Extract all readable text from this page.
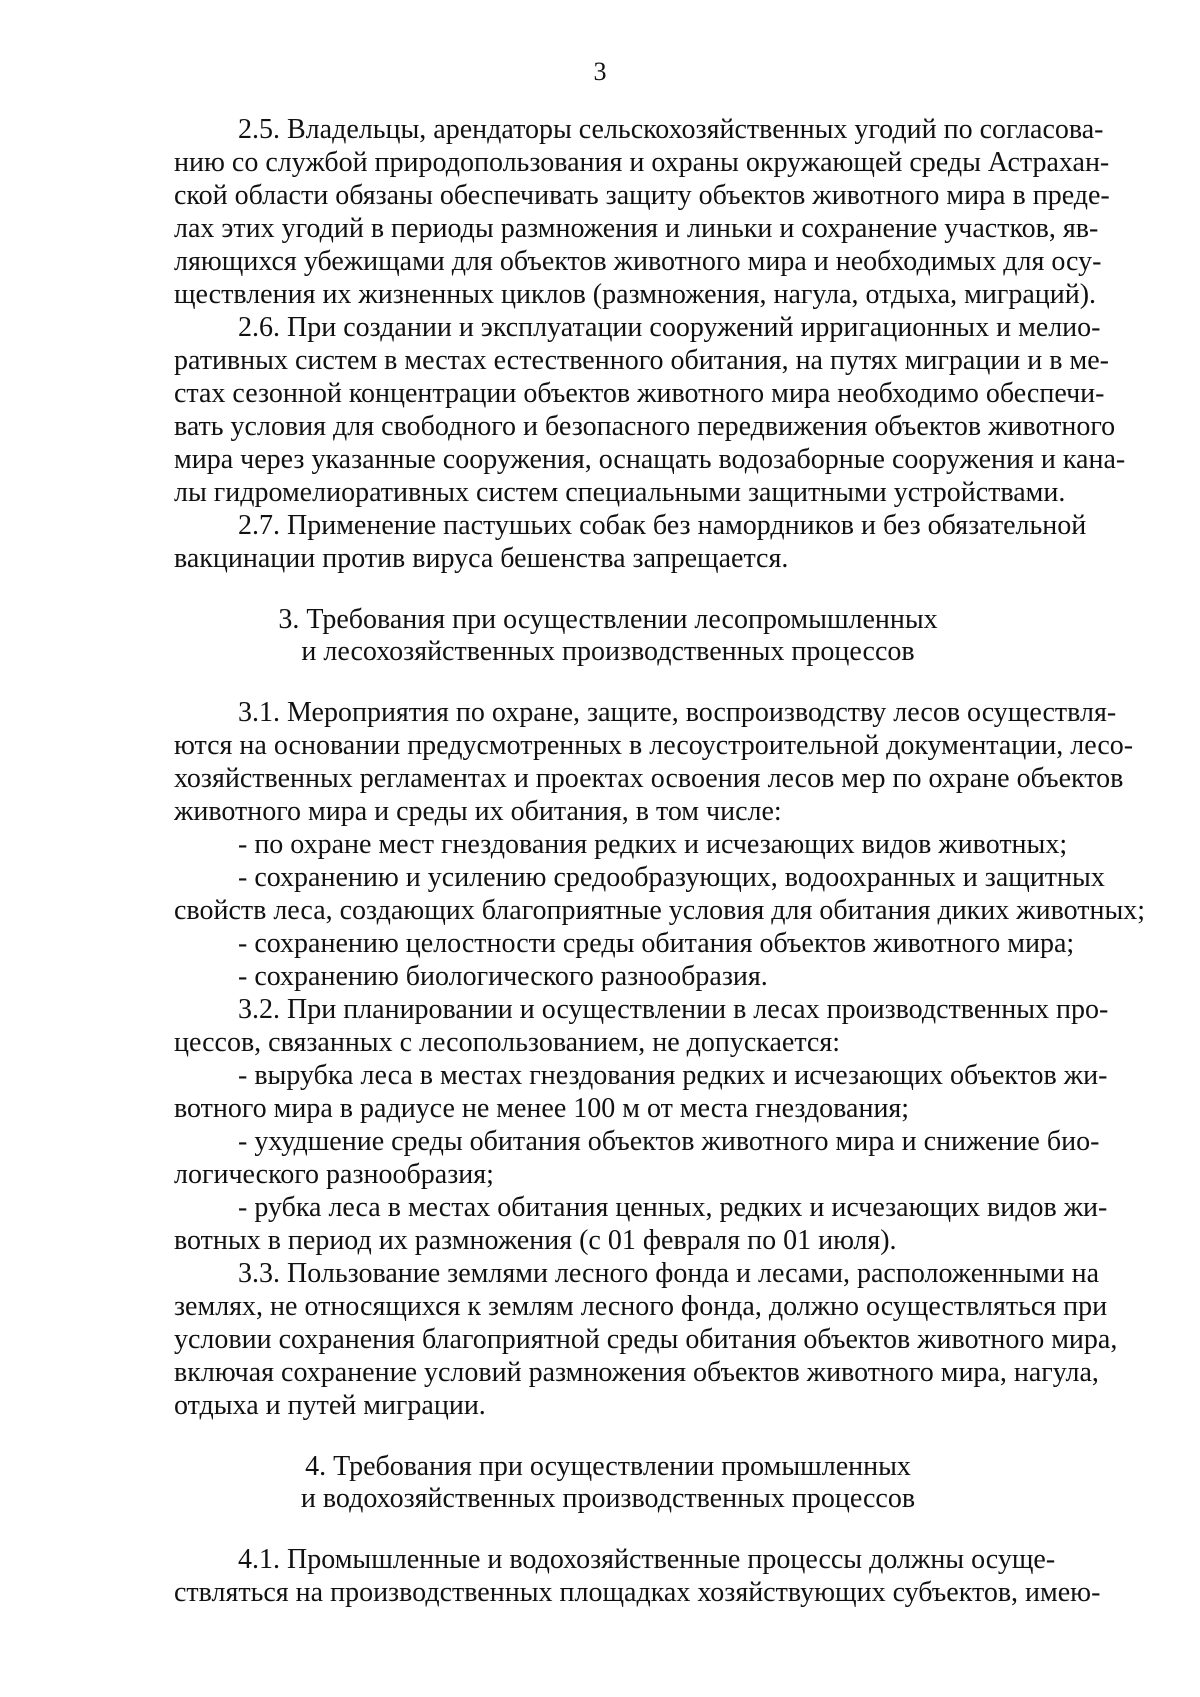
3
2.5. Владельцы, арендаторы сельскохозяйственных угодий по согласова-
нию со службой природопользования и охраны окружающей среды Астрахан-
ской области обязаны обеспечивать защиту объектов животного мира в преде-
лах этих угодий в периоды размножения и линьки и сохранение участков, яв-
ляющихся убежищами для объектов животного мира и необходимых для осу-
ществления их жизненных циклов (размножения, нагула, отдыха, миграций).
2.6. При создании и эксплуатации сооружений ирригационных и мелио-
ративных систем в местах естественного обитания, на путях миграции и в ме-
стах сезонной концентрации объектов животного мира необходимо обеспечи-
вать условия для свободного и безопасного передвижения объектов животного
мира через указанные сооружения, оснащать водозаборные сооружения и кана-
лы гидромелиоративных систем специальными защитными устройствами.
2.7. Применение пастушьих собак без намордников и без обязательной
вакцинации против вируса бешенства запрещается.
3. Требования при осуществлении лесопромышленных
и лесохозяйственных производственных процессов
3.1. Мероприятия по охране, защите, воспроизводству лесов осуществля-
ются на основании предусмотренных в лесоустроительной документации, лесо-
хозяйственных регламентах и проектах освоения лесов мер по охране объектов
животного мира и среды их обитания, в том числе:
- по охране мест гнездования редких и исчезающих видов животных;
- сохранению и усилению средообразующих, водоохранных и защитных
свойств леса, создающих благоприятные условия для обитания диких животных;
- сохранению целостности среды обитания объектов животного мира;
- сохранению биологического разнообразия.
3.2. При планировании и осуществлении в лесах производственных про-
цессов, связанных с лесопользованием, не допускается:
- вырубка леса в местах гнездования редких и исчезающих объектов жи-
вотного мира в радиусе не менее 100 м от места гнездования;
- ухудшение среды обитания объектов животного мира и снижение био-
логического разнообразия;
- рубка леса в местах обитания ценных, редких и исчезающих видов жи-
вотных в период их размножения (с 01 февраля по 01 июля).
3.3. Пользование землями лесного фонда и лесами, расположенными на
землях, не относящихся к землям лесного фонда, должно осуществляться при
условии сохранения благоприятной среды обитания объектов животного мира,
включая сохранение условий размножения объектов животного мира, нагула,
отдыха и путей миграции.
4. Требования при осуществлении промышленных
и водохозяйственных производственных процессов
4.1. Промышленные и водохозяйственные процессы должны осуще-
ствляться на производственных площадках хозяйствующих субъектов, имею-
